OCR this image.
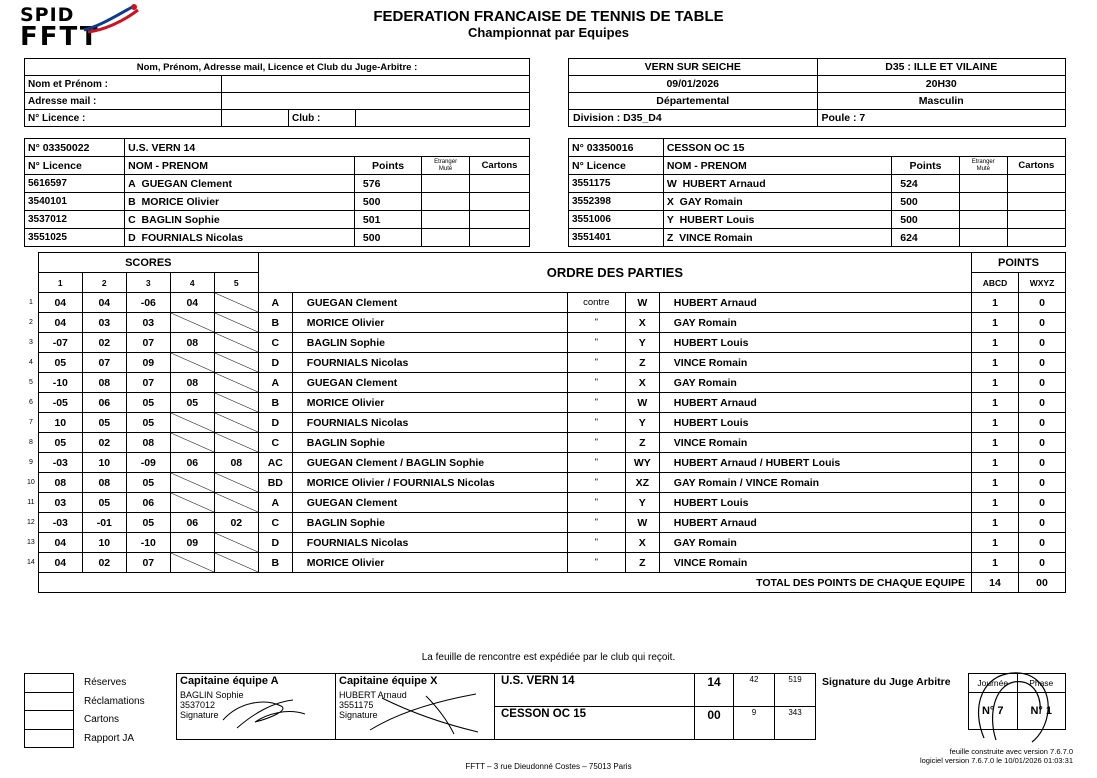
SPID
FFTT
FEDERATION FRANCAISE DE TENNIS DE TABLE
Championnat par Equipes
Nom, Prénom, Adresse mail, Licence et Club du Juge-Arbitre :			
Nom et Prénom :			
Adresse mail :			
N° Licence :		Club :	
VERN SUR SEICHE	D35 : ILLE ET VILAINE
09/01/2026	20H30
Départemental	Masculin
Division : D35_D4	Poule : 7
N° 03350022	U.S. VERN 14			
N° Licence	NOM - PRENOM	Points	Etranger
Muté	Cartons
5616597	A GUEGAN Clement	576		
3540101	B MORICE Olivier	500		
3537012	C BAGLIN Sophie	501		
3551025	D FOURNIALS Nicolas	500		
N° 03350016	CESSON OC 15			
N° Licence	NOM - PRENOM	Points	Etranger
Muté	Cartons
3551175	W HUBERT Arnaud	524		
3552398	X GAY Romain	500		
3551006	Y HUBERT Louis	500		
3551401	Z VINCE Romain	624		
	SCORES					ORDRE DES PARTIES					POINTS	
	1	2	3	4	5						ABCD	WXYZ
1	04	04	-06	04		A	GUEGAN Clement	contre	W	HUBERT Arnaud	1	0
2	04	03	03			B	MORICE Olivier	"	X	GAY Romain	1	0
3	-07	02	07	08		C	BAGLIN Sophie	"	Y	HUBERT Louis	1	0
4	05	07	09			D	FOURNIALS Nicolas	"	Z	VINCE Romain	1	0
5	-10	08	07	08		A	GUEGAN Clement	"	X	GAY Romain	1	0
6	-05	06	05	05		B	MORICE Olivier	"	W	HUBERT Arnaud	1	0
7	10	05	05			D	FOURNIALS Nicolas	"	Y	HUBERT Louis	1	0
8	05	02	08			C	BAGLIN Sophie	"	Z	VINCE Romain	1	0
9	-03	10	-09	06	08	AC	GUEGAN Clement / BAGLIN Sophie	"	WY	HUBERT Arnaud / HUBERT Louis	1	0
10	08	08	05			BD	MORICE Olivier / FOURNIALS Nicolas	"	XZ	GAY Romain / VINCE Romain	1	0
11	03	05	06			A	GUEGAN Clement	"	Y	HUBERT Louis	1	0
12	-03	-01	05	06	02	C	BAGLIN Sophie	"	W	HUBERT Arnaud	1	0
13	04	10	-10	09		D	FOURNIALS Nicolas	"	X	GAY Romain	1	0
14	04	02	07			B	MORICE Olivier	"	Z	VINCE Romain	1	0
	TOTAL DES POINTS DE CHAQUE EQUIPE										14	00
La feuille de rencontre est expédiée par le club qui reçoit.
	Réserves
	Réclamations
	Cartons
	Rapport JA
Capitaine équipe A
BAGLIN Sophie
3537012
Signature

Capitaine équipe X
HUBERT Arnaud
3551175
Signature

U.S. VERN 14	14	42	519
CESSON OC 15	00	9	343
Signature du Juge Arbitre	Journée	Phase
N° 7	N° 1
FFTT – 3 rue Dieudonné Costes – 75013 Paris
feuille construite avec version 7.6.7.0
logiciel version 7.6.7.0 le 10/01/2026 01:03:31
